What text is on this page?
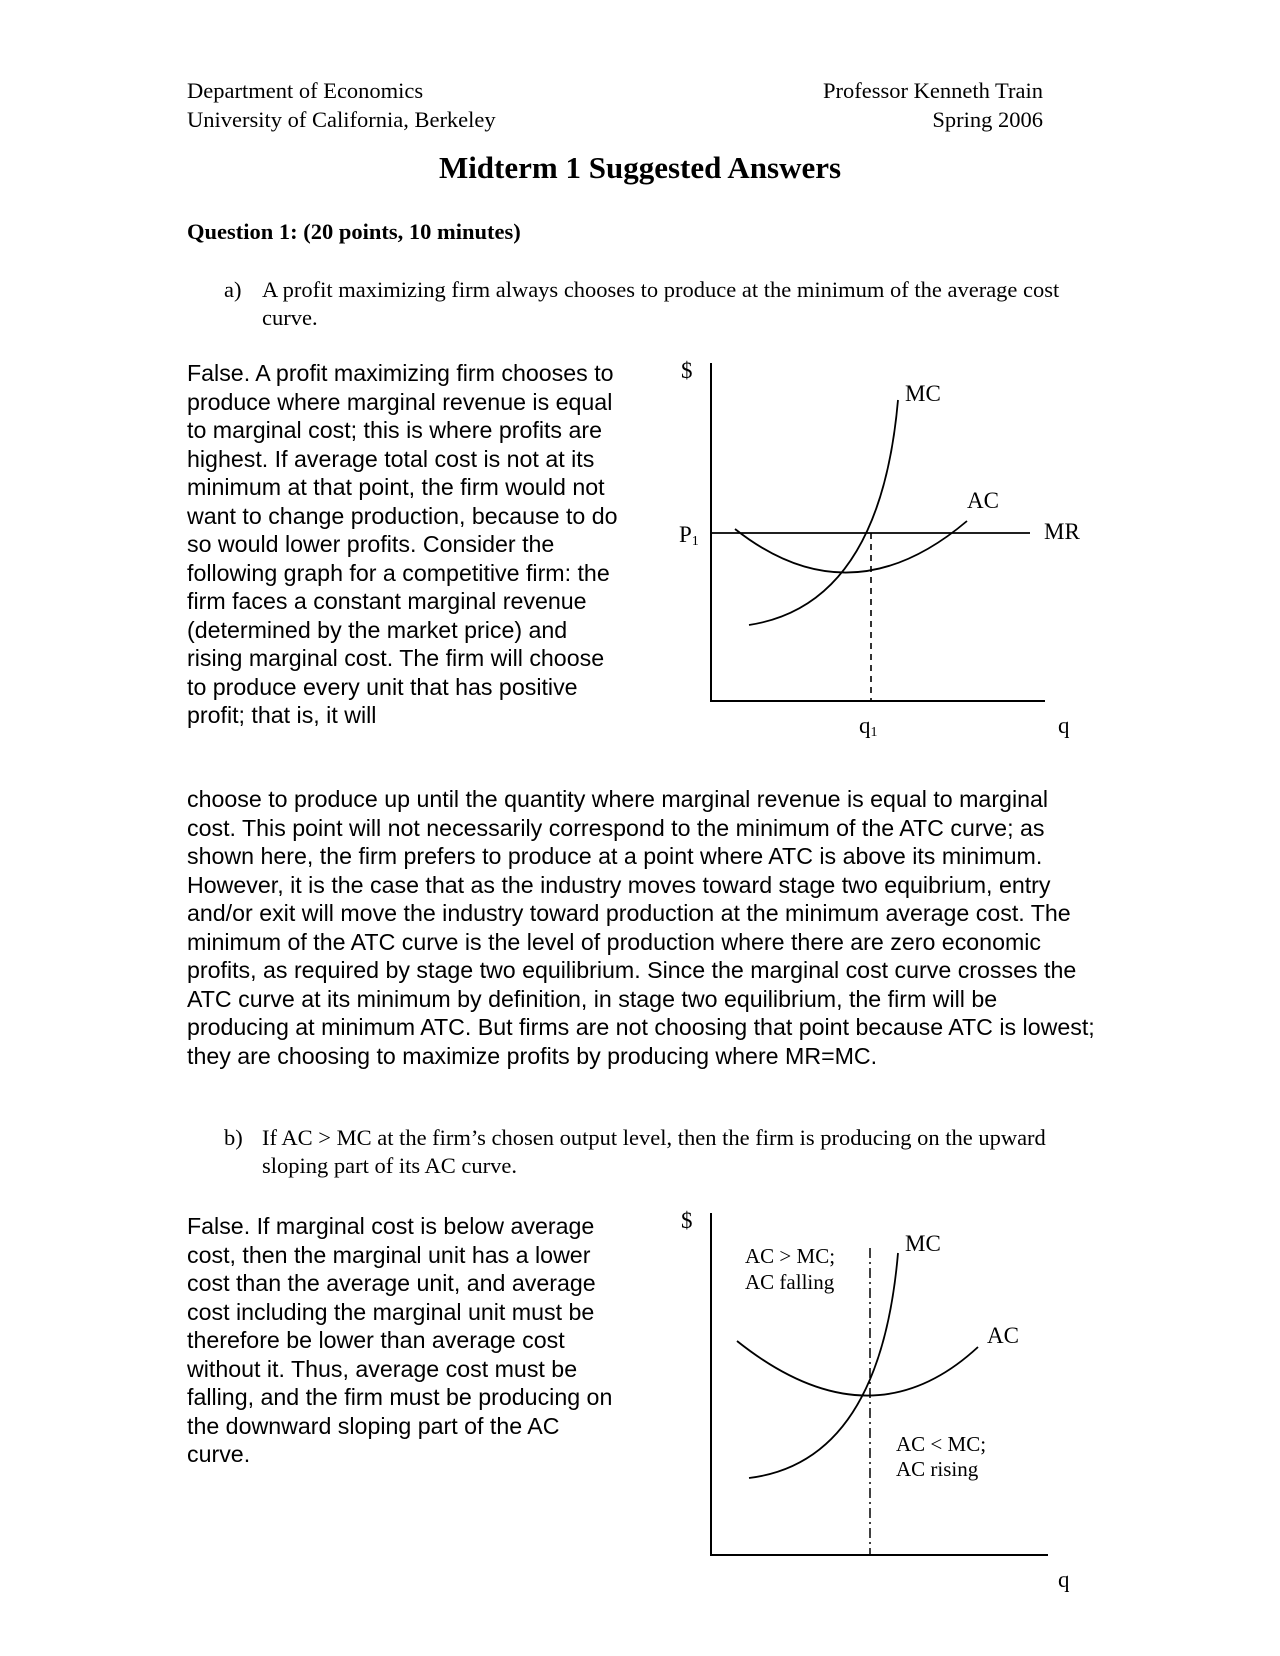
Department of Economics
University of California, Berkeley
Professor Kenneth Train
Spring 2006
Midterm 1 Suggested Answers
Question 1: (20 points, 10 minutes)
a) A profit maximizing firm always chooses to produce at the minimum of the average cost curve.
False. A profit maximizing firm chooses to produce where marginal revenue is equal to marginal cost; this is where profits are highest. If average total cost is not at its minimum at that point, the firm would not want to change production, because to do so would lower profits. Consider the following graph for a competitive firm: the firm faces a constant marginal revenue (determined by the market price) and rising marginal cost. The firm will choose to produce every unit that has positive profit; that is, it will
$
MC
AC
MR
P1
q1	q
choose to produce up until the quantity where marginal revenue is equal to marginal cost. This point will not necessarily correspond to the minimum of the ATC curve; as shown here, the firm prefers to produce at a point where ATC is above its minimum. However, it is the case that as the industry moves toward stage two equibrium, entry and/or exit will move the industry toward production at the minimum average cost. The minimum of the ATC curve is the level of production where there are zero economic profits, as required by stage two equilibrium. Since the marginal cost curve crosses the ATC curve at its minimum by definition, in stage two equilibrium, the firm will be producing at minimum ATC. But firms are not choosing that point because ATC is lowest; they are choosing to maximize profits by producing where MR=MC.
b) If AC > MC at the firm’s chosen output level, then the firm is producing on the upward sloping part of its AC curve.
False. If marginal cost is below average cost, then the marginal unit has a lower cost than the average unit, and average cost including the marginal unit must be therefore be lower than average cost without it. Thus, average cost must be falling, and the firm must be producing on the downward sloping part of the AC curve.
$
MC
AC
AC > MC;
AC falling
AC < MC;
AC rising
q
